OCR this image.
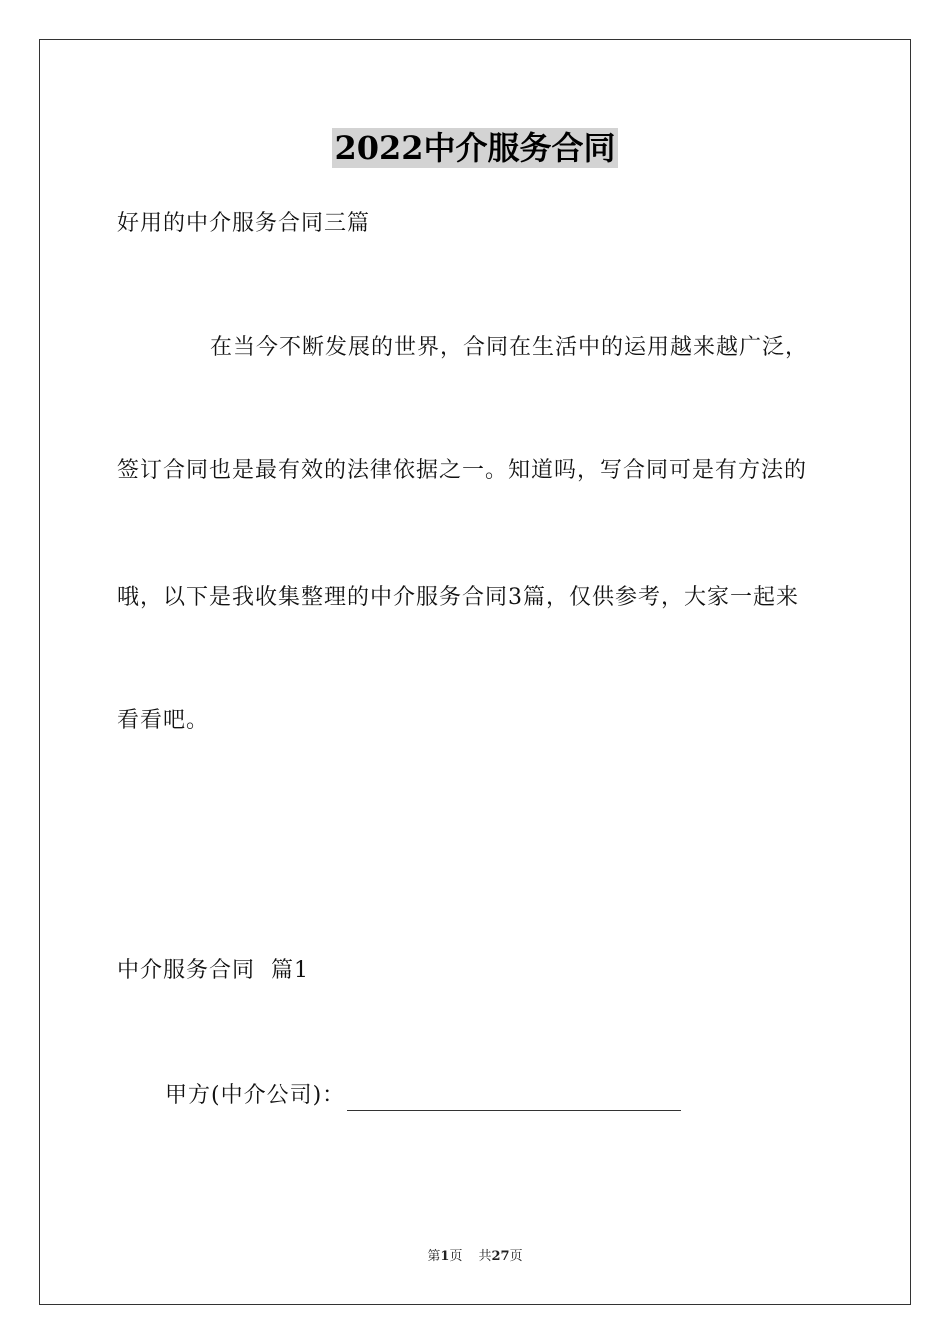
2022中介服务合同
好用的中介服务合同三篇
在当今不断发展的世界，合同在生活中的运用越来越广泛，
签订合同也是最有效的法律依据之一。知道吗，写合同可是有方法的
哦，以下是我收集整理的中介服务合同3篇，仅供参考，大家一起来
看看吧。
中介服务合同  篇1
甲方(中介公司)：
第1页 共27页
